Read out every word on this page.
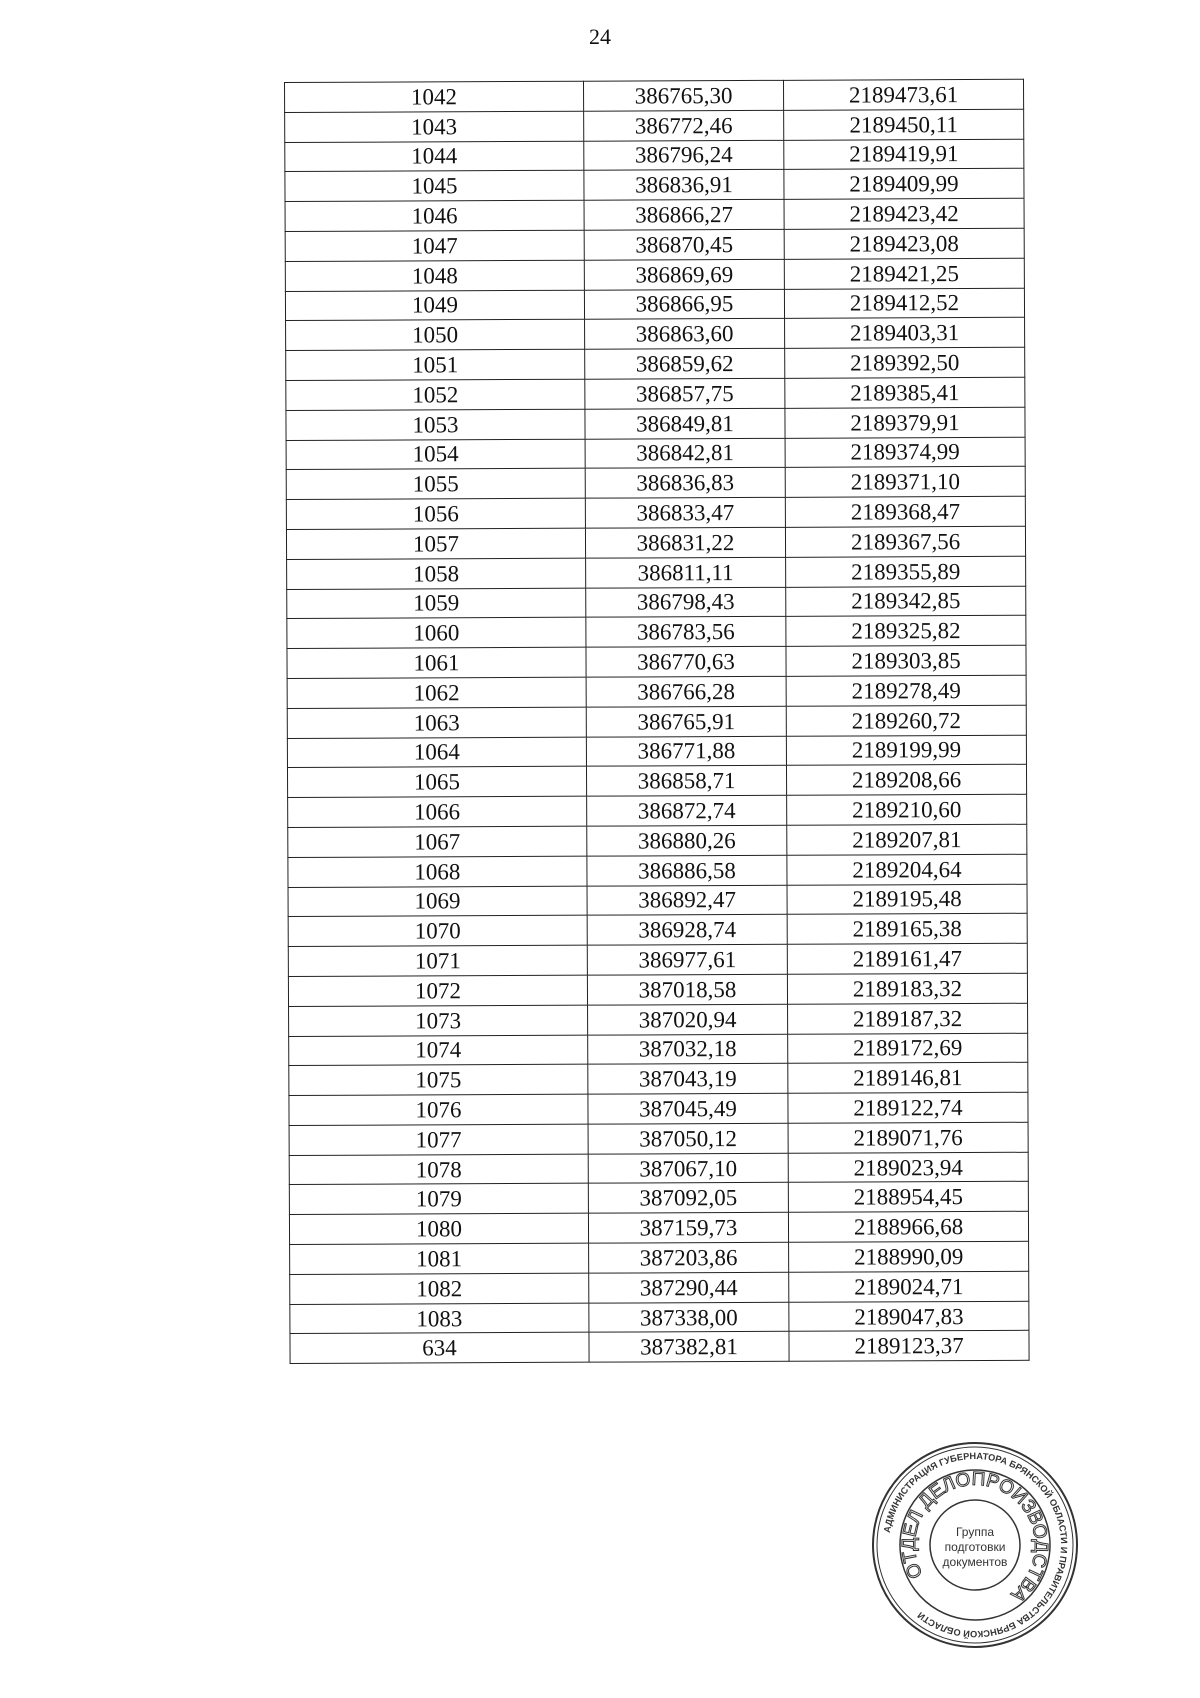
24
1042	386765,30	2189473,61
1043	386772,46	2189450,11
1044	386796,24	2189419,91
1045	386836,91	2189409,99
1046	386866,27	2189423,42
1047	386870,45	2189423,08
1048	386869,69	2189421,25
1049	386866,95	2189412,52
1050	386863,60	2189403,31
1051	386859,62	2189392,50
1052	386857,75	2189385,41
1053	386849,81	2189379,91
1054	386842,81	2189374,99
1055	386836,83	2189371,10
1056	386833,47	2189368,47
1057	386831,22	2189367,56
1058	386811,11	2189355,89
1059	386798,43	2189342,85
1060	386783,56	2189325,82
1061	386770,63	2189303,85
1062	386766,28	2189278,49
1063	386765,91	2189260,72
1064	386771,88	2189199,99
1065	386858,71	2189208,66
1066	386872,74	2189210,60
1067	386880,26	2189207,81
1068	386886,58	2189204,64
1069	386892,47	2189195,48
1070	386928,74	2189165,38
1071	386977,61	2189161,47
1072	387018,58	2189183,32
1073	387020,94	2189187,32
1074	387032,18	2189172,69
1075	387043,19	2189146,81
1076	387045,49	2189122,74
1077	387050,12	2189071,76
1078	387067,10	2189023,94
1079	387092,05	2188954,45
1080	387159,73	2188966,68
1081	387203,86	2188990,09
1082	387290,44	2189024,71
1083	387338,00	2189047,83
634	387382,81	2189123,37
АДМИНИСТРАЦИЯ ГУБЕРНАТОРА БРЯНСКОЙ ОБЛАСТИ И ПРАВИТЕЛЬСТВА БРЯНСКОЙ ОБЛАСТИ
ОТДЕЛ ДЕЛОПРОИЗВОДСТВА
Группа
подготовки
документов
